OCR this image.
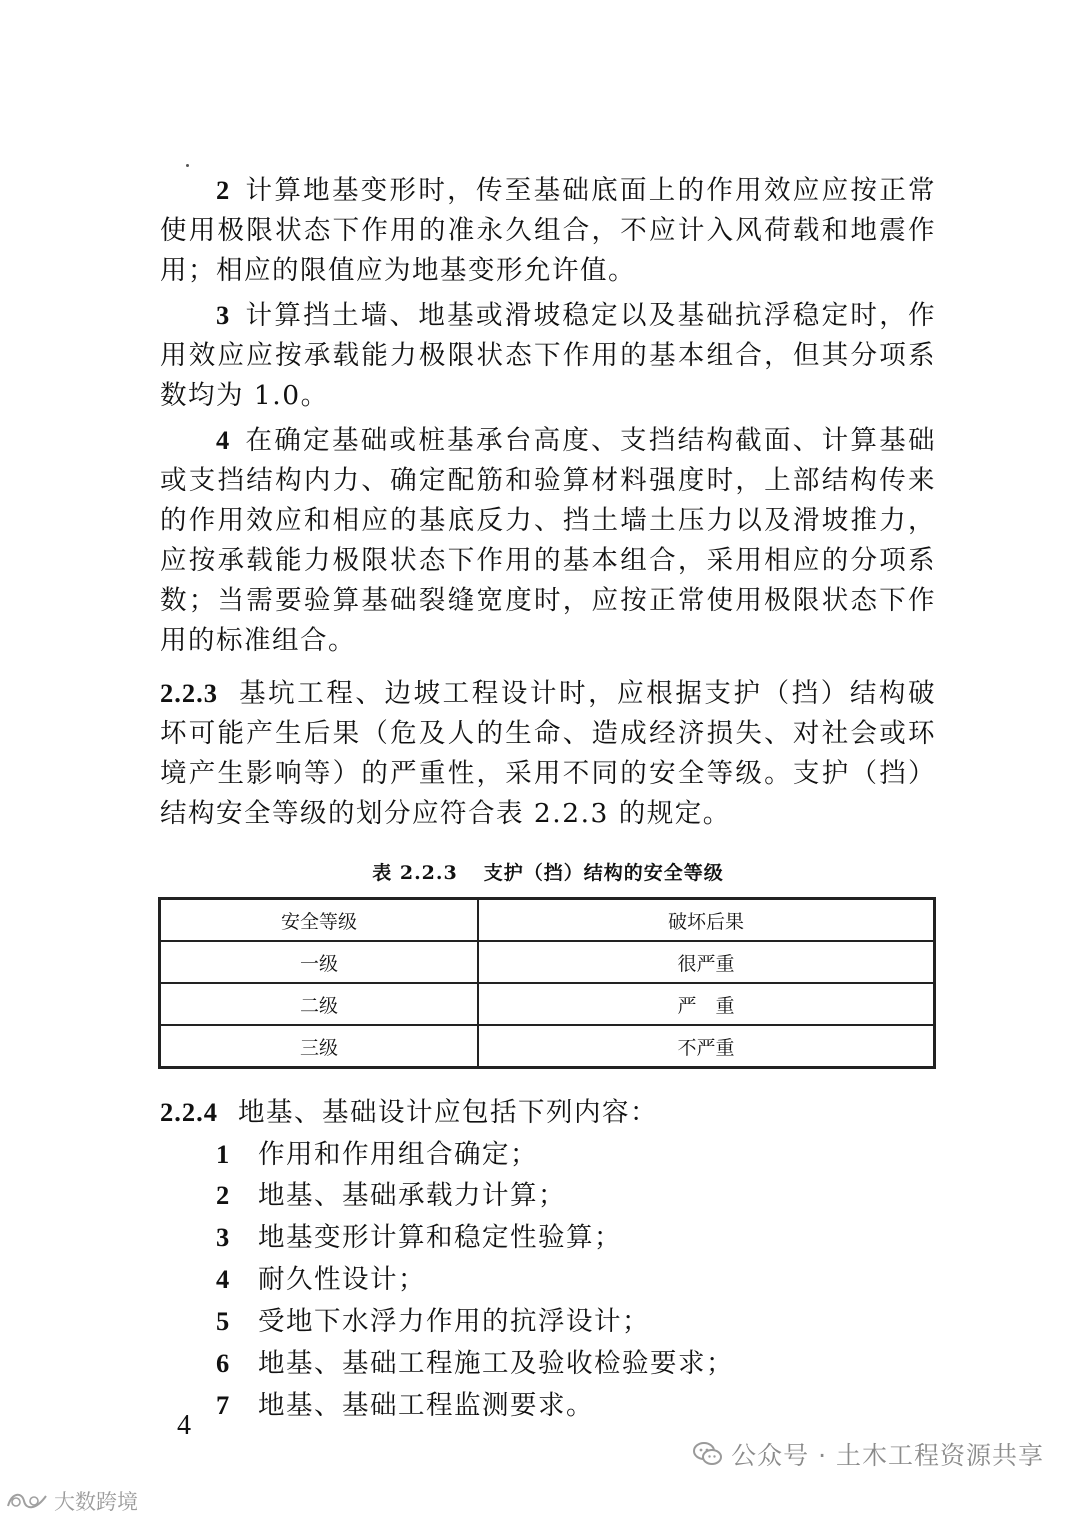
2 计算地基变形时，传至基础底面上的作用效应应按正常使用极限状态下作用的准永久组合，不应计入风荷载和地震作用；相应的限值应为地基变形允许值。

3 计算挡土墙、地基或滑坡稳定以及基础抗浮稳定时，作用效应应按承载能力极限状态下作用的基本组合，但其分项系数均为 1.0。

4 在确定基础或桩基承台高度、支挡结构截面、计算基础或支挡结构内力、确定配筋和验算材料强度时，上部结构传来的作用效应和相应的基底反力、挡土墙土压力以及滑坡推力，应按承载能力极限状态下作用的基本组合，采用相应的分项系数；当需要验算基础裂缝宽度时，应按正常使用极限状态下作用的标准组合。

2.2.3 基坑工程、边坡工程设计时，应根据支护（挡）结构破坏可能产生后果（危及人的生命、造成经济损失、对社会或环境产生影响等）的严重性，采用不同的安全等级。支护（挡）结构安全等级的划分应符合表 2.2.3 的规定。

表 2.2.3 支护（挡）结构的安全等级
安全等级	破坏后果
一级	很严重
二级	严　重
三级	不严重

2.2.4 地基、基础设计应包括下列内容：

1 作用和作用组合确定；
2 地基、基础承载力计算；
3 地基变形计算和稳定性验算；
4 耐久性设计；
5 受地下水浮力作用的抗浮设计；
6 地基、基础工程施工及验收检验要求；
7 地基、基础工程监测要求。
4
公众号 · 土木工程资源共享
大数跨境
